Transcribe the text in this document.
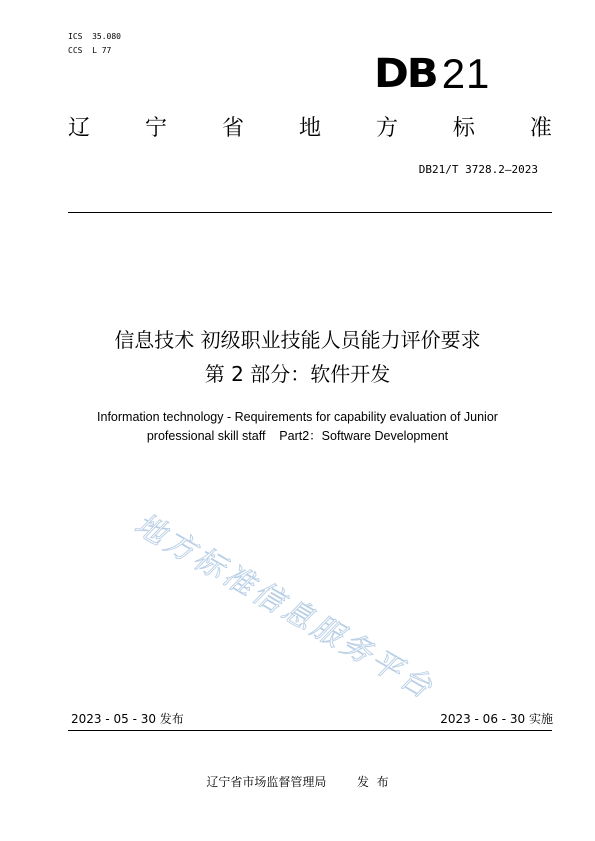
ICS  35.080
CCS  L 77
DB 21
辽 宁 省 地 方 标 准
DB21/T 3728.2—2023
信息技术 初级职业技能人员能力评价要求
第 2 部分：软件开发
Information technology - Requirements for capability evaluation of Junior
professional skill staff    Part2：Software Development
地方标准信息服务平台
2023 - 05 - 30 发布	2023 - 06 - 30 实施
辽宁省市场监督管理局	发  布
